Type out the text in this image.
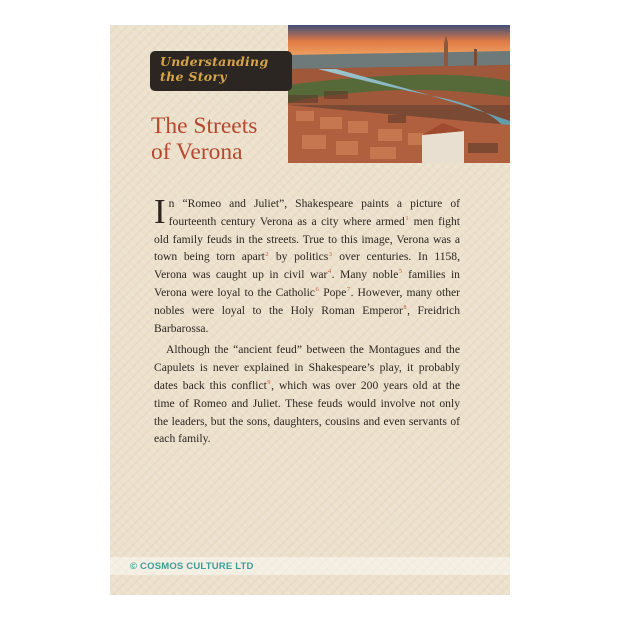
Understanding
the Story
The Streets
of Verona

In “Romeo and Juliet”, Shakespeare paints a picture of fourteenth century Verona as a city where armed$^1$ men fight old family feuds in the streets. True to this image, Verona was a town being torn apart$^2$ by politics$^3$ over centuries. In 1158, Verona was caught up in civil war$^4$. Many noble$^5$ families in Verona were loyal to the Catholic$^6$ Pope$^7$. However, many other nobles were loyal to the Holy Roman Emperor$^8$, Freidrich Barbarossa.

Although the “ancient feud” between the Montagues and the Capulets is never explained in Shakespeare’s play, it probably dates back this conflict$^9$, which was over 200 years old at the time of Romeo and Juliet. These feuds would involve not only the leaders, but the sons, daughters, cousins and even servants of each family.

© COSMOS CULTURE LTD
